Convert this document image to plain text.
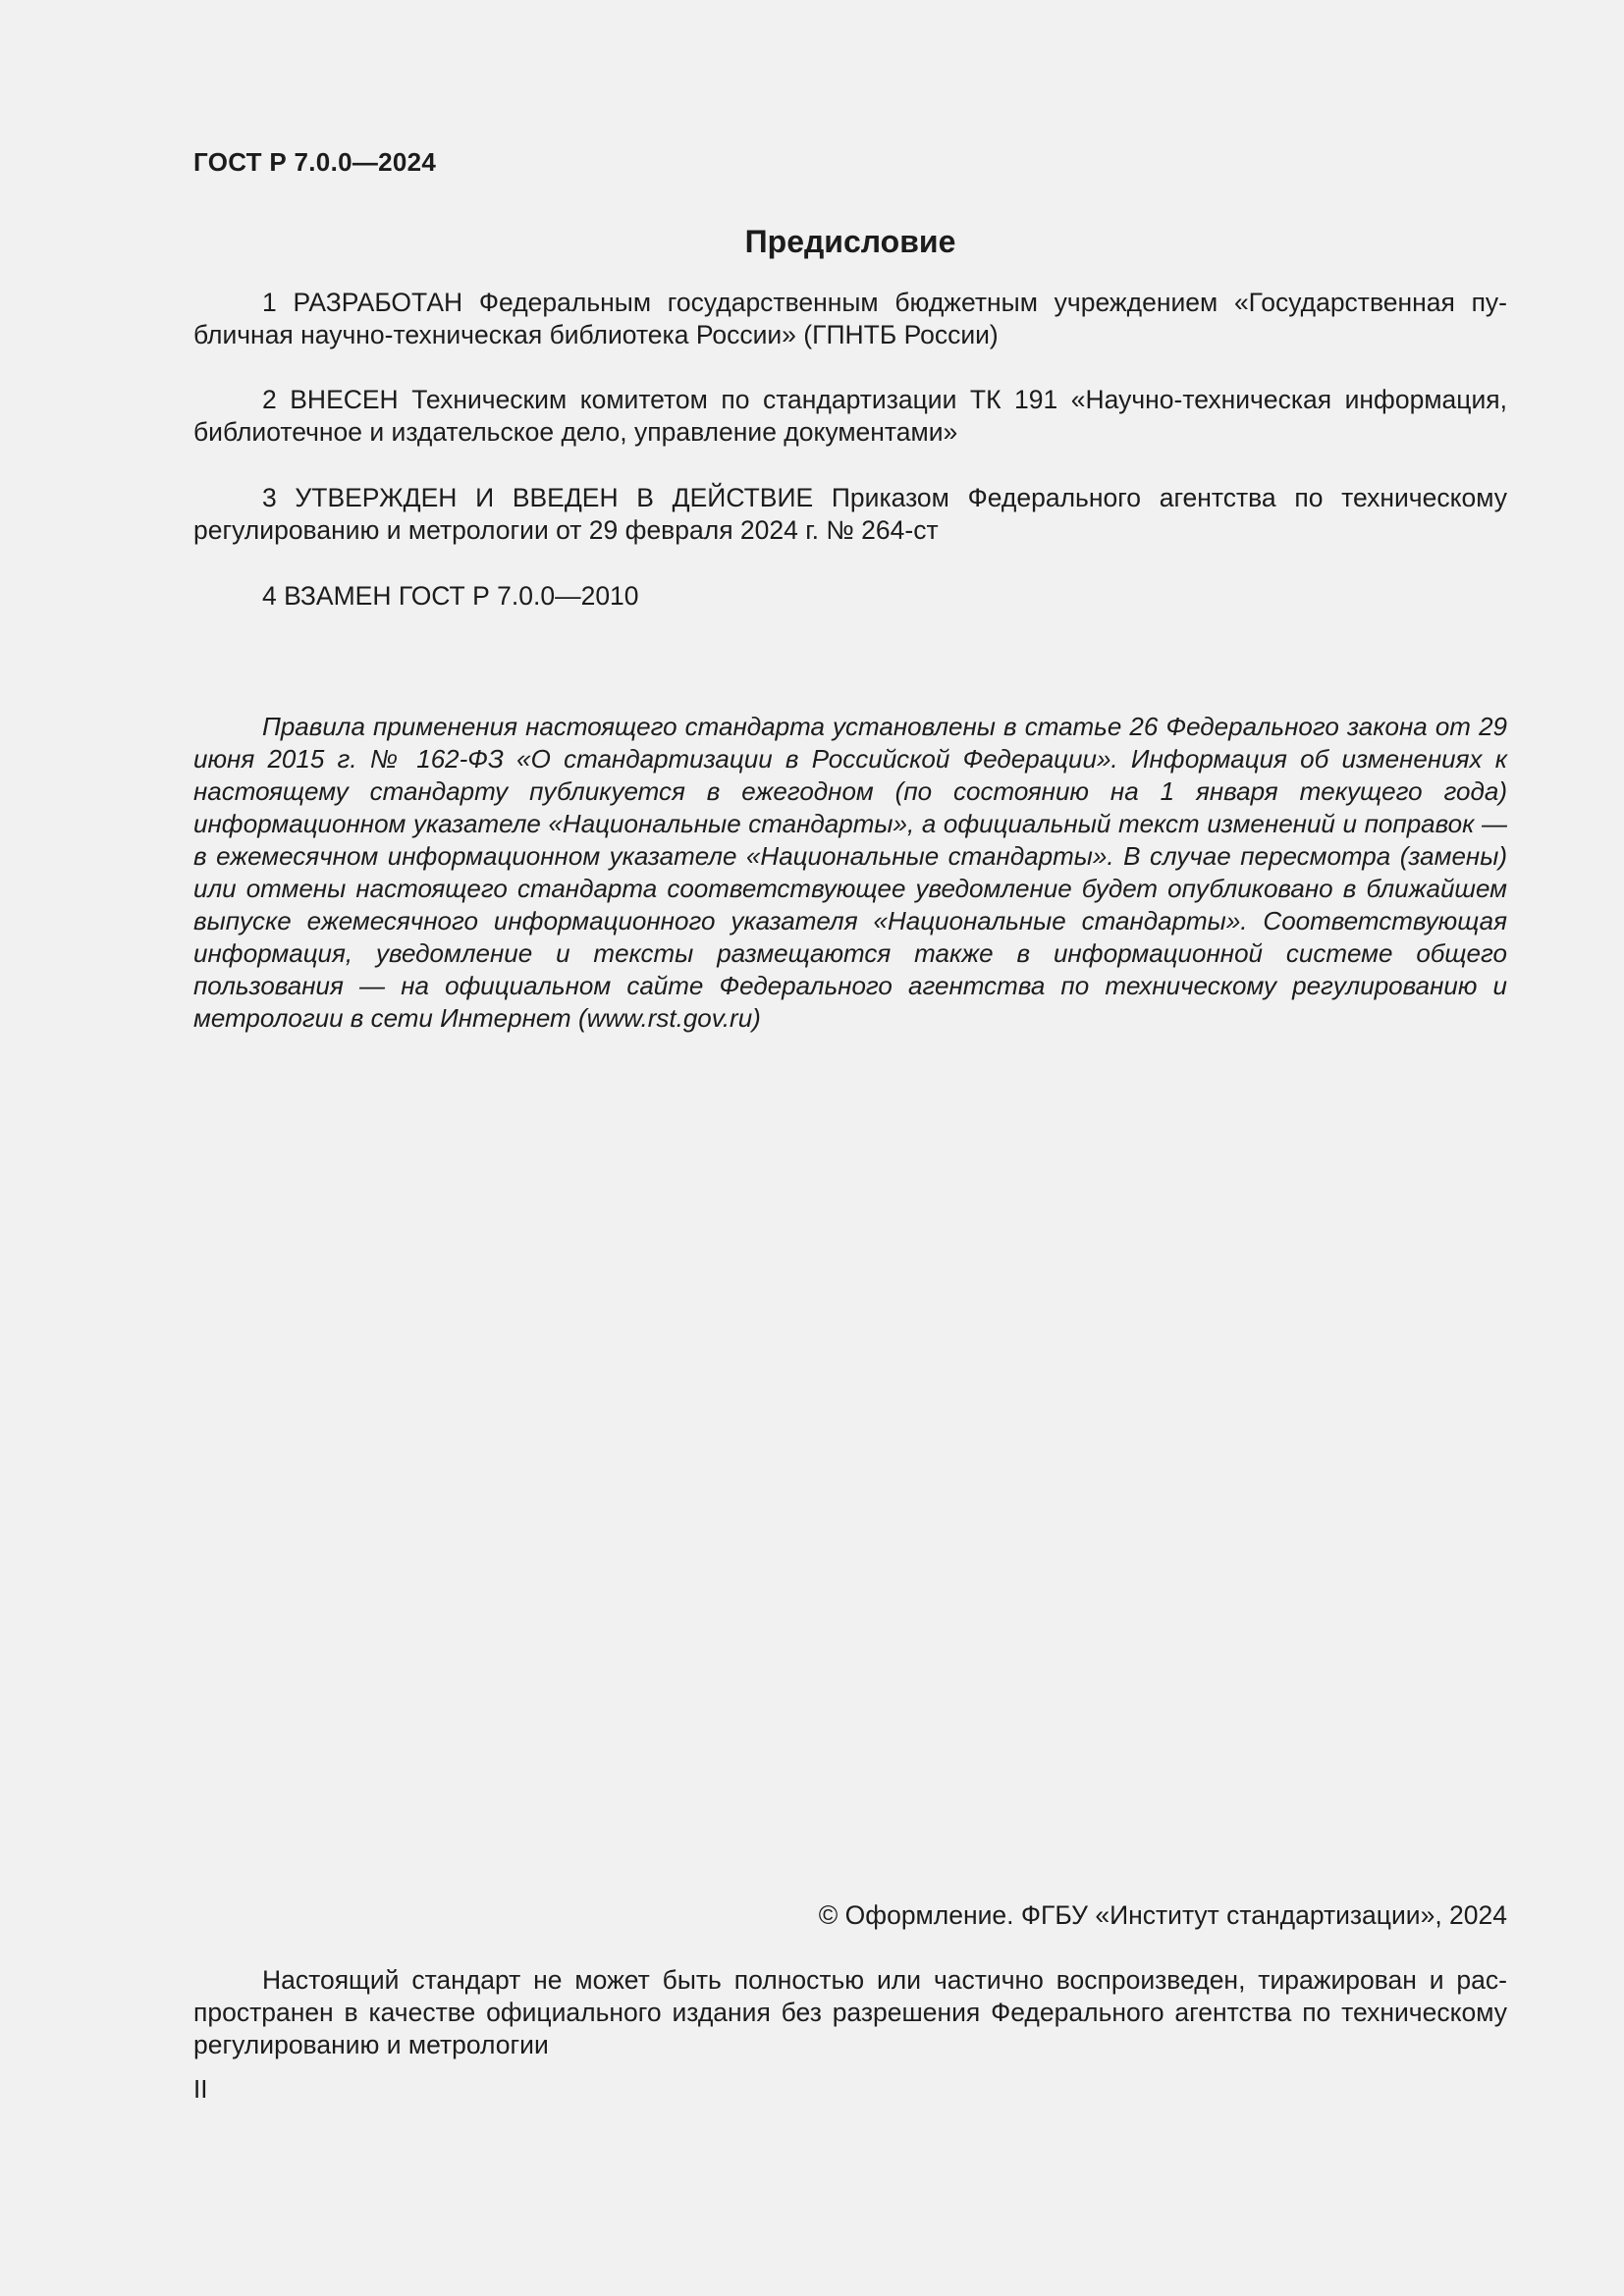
ГОСТ Р 7.0.0—2024
Предисловие
1 РАЗРАБОТАН Федеральным государственным бюджетным учреждением «Государственная публичная научно-техническая библиотека России» (ГПНТБ России)
2 ВНЕСЕН Техническим комитетом по стандартизации ТК 191 «Научно-техническая информация, библиотечное и издательское дело, управление документами»
3 УТВЕРЖДЕН И ВВЕДЕН В ДЕЙСТВИЕ Приказом Федерального агентства по техническому регулированию и метрологии от 29 февраля 2024 г. № 264-ст
4 ВЗАМЕН ГОСТ Р 7.0.0—2010
Правила применения настоящего стандарта установлены в статье 26 Федерального закона от 29 июня 2015 г. № 162-ФЗ «О стандартизации в Российской Федерации». Информация об изменениях к настоящему стандарту публикуется в ежегодном (по состоянию на 1 января текущего года) информационном указателе «Национальные стандарты», а официальный текст изменений и поправок — в ежемесячном информационном указателе «Национальные стандарты». В случае пересмотра (замены) или отмены настоящего стандарта соответствующее уведомление будет опубликовано в ближайшем выпуске ежемесячного информационного указателя «Национальные стандарты». Соответствующая информация, уведомление и тексты размещаются также в информационной системе общего пользования — на официальном сайте Федерального агентства по техническому регулированию и метрологии в сети Интернет (www.rst.gov.ru)
© Оформление. ФГБУ «Институт стандартизации», 2024
Настоящий стандарт не может быть полностью или частично воспроизведен, тиражирован и распространен в качестве официального издания без разрешения Федерального агентства по техническому регулированию и метрологии
II
